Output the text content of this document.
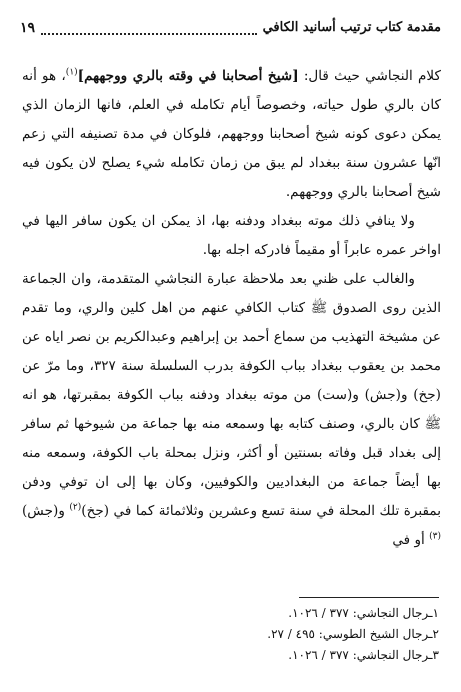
مقدمة كتاب ترتيب أسانيد الكافي
١٩

كلام النجاشي حيث قال: [شيخ أصحابنا في وقته بالري ووجههم]$^{(١)}$، هو أنه كان بالري طول حياته، وخصوصاً أيام تكامله في العلم، فانها الزمان الذي يمكن دعوى كونه شيخ أصحابنا ووجههم، فلوكان في مدة تصنيفه التي زعم انّها عشرون سنة ببغداد لم يبق من زمان تكامله شيء يصلح لان يكون فيه شيخ أصحابنا بالري ووجههم.

ولا ينافي ذلك موته ببغداد ودفنه بها، اذ يمكن ان يكون سافر اليها في اواخر عمره عابراً أو مقيماً فادركه اجله بها.

والغالب على ظني بعد ملاحظة عبارة النجاشي المتقدمة، وان الجماعة الذين روى الصدوق ﷺ كتاب الكافي عنهم من اهل كلين والري، وما تقدم عن مشيخة التهذيب من سماع أحمد بن إبراهيم وعبدالكريم بن نصر اياه عن محمد بن يعقوب ببغداد بباب الكوفة بدرب السلسلة سنة ٣٢٧، وما مرّ عن (جخ) و(جش) و(ست) من موته ببغداد ودفنه بباب الكوفة بمقبرتها، هو انه ﷺ كان بالري، وصنف كتابه بها وسمعه منه بها جماعة من شيوخها ثم سافر إلى بغداد قبل وفاته بسنتين أو أكثر، ونزل بمحلة باب الكوفة، وسمعه منه بها أيضاً جماعة من البغداديين والكوفيين، وكان بها إلى ان توفي ودفن بمقبرة تلك المحلة في سنة تسع وعشرين وثلاثمائة كما في (جخ)$^{(٢)}$ و(جش)$^{(٣)}$ أو في

١ـرجال النجاشي: ٣٧٧ / ١٠٢٦.
٢ـرجال الشيخ الطوسي: ٤٩٥ / ٢٧.
٣ـرجال النجاشي: ٣٧٧ / ١٠٢٦.
